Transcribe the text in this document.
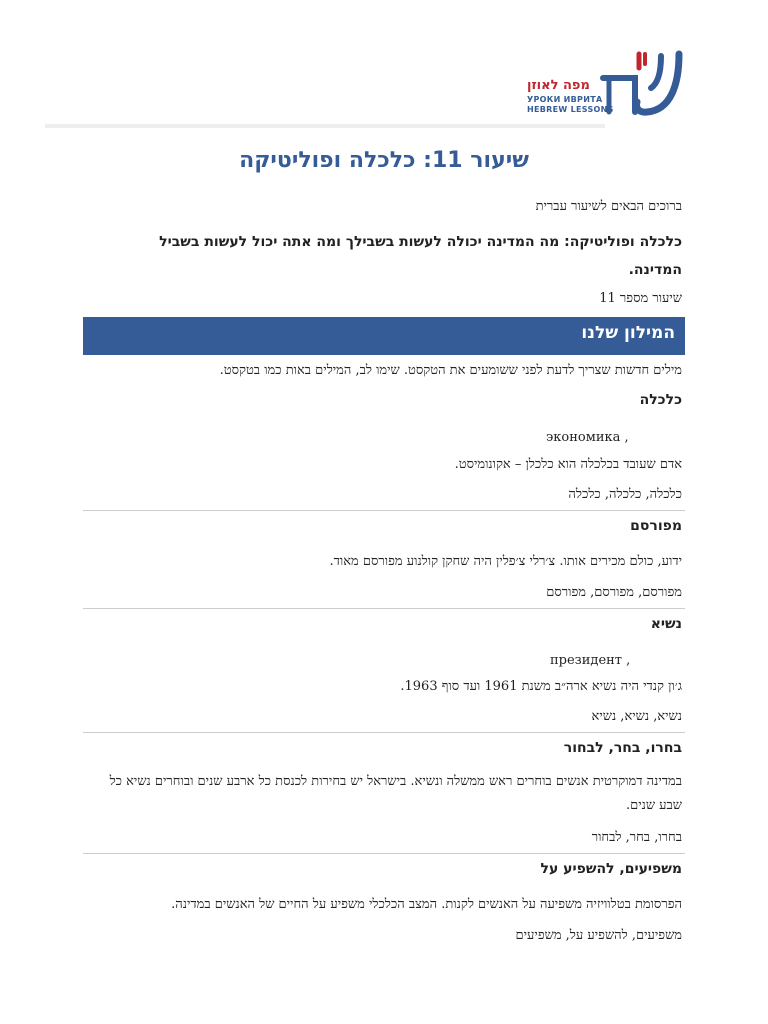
מפה לאוזן
УРОКИ ИВРИТА
HEBREW LESSONS
שיעור 11: כלכלה ופוליטיקה
ברוכים הבאים לשיעור עברית
כלכלה ופוליטיקה: מה המדינה יכולה לעשות בשבילך ומה אתה יכול לעשות בשביל המדינה.
שיעור מספר 11
המילון שלנו
מילים חדשות שצריך לדעת לפני ששומעים את הטקסט. שימו לב, המילים באות כמו בטקסט.
כלכלה
экономика ,
אדם שעובד בכלכלה הוא כלכלן – אקונומיסט.
כלכלה, כלכלה, כלכלה
מפורסם
ידוע, כולם מכירים אותו. צ׳רלי צ׳פלין היה שחקן קולנוע מפורסם מאוד.
מפורסם, מפורסם, מפורסם
נשיא
президент ,
ג׳ון קנדי היה נשיא ארה״ב משנת 1961 ועד סוף 1963.
נשיא, נשיא, נשיא
בחרו, בחר, לבחור
במדינה דמוקרטית אנשים בוחרים ראש ממשלה ונשיא. בישראל יש בחירות לכנסת כל ארבע שנים ובוחרים נשיא כל שבע שנים.
בחרו, בחר, לבחור
משפיעים, להשפיע על
הפרסומת בטלוויזיה משפיעה על האנשים לקנות. המצב הכלכלי משפיע על החיים של האנשים במדינה.
משפיעים, להשפיע על, משפיעים
